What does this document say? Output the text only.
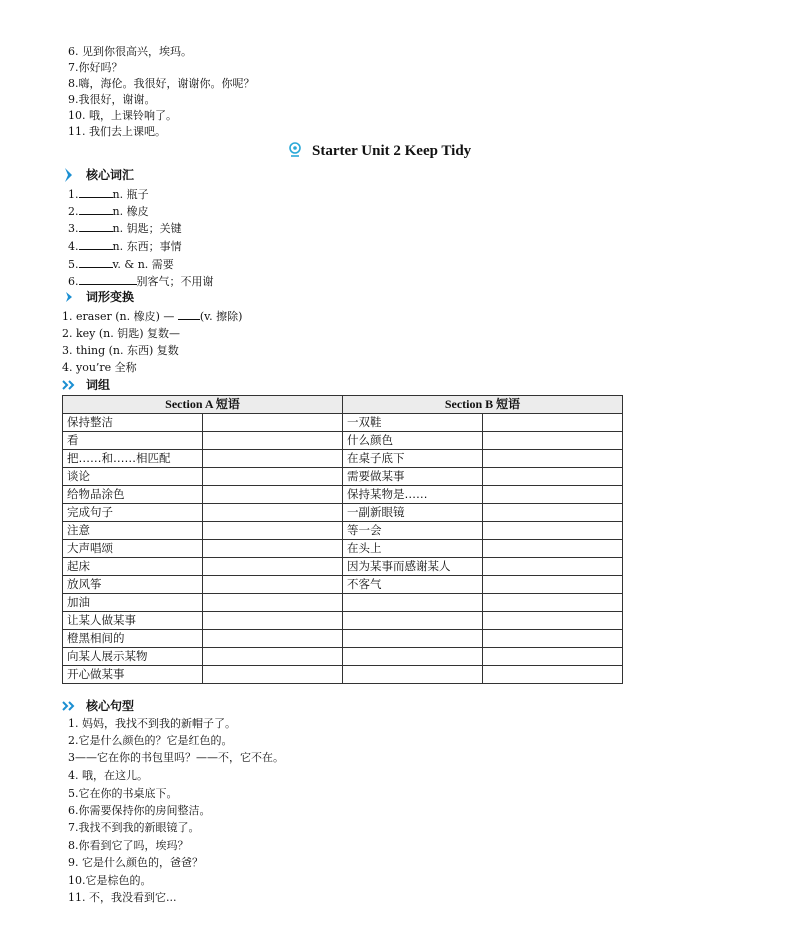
6. 见到你很高兴，埃玛。
7.你好吗？
8.嗨，海伦。我很好，谢谢你。你呢？
9.我很好，谢谢。
10. 哦，上课铃响了。
11. 我们去上课吧。
Starter Unit 2 Keep Tidy
核心词汇
1.	n. 瓶子
2.	n. 橡皮
3.	n. 钥匙；关键
4.	n. 东西；事情
5.	v. & n. 需要
6.	别客气；不用谢
词形变换
1. eraser (n. 橡皮) — (v. 擦除)
2. key (n. 钥匙) 复数—
3. thing (n. 东西) 复数
4. you’re 全称
词组
Section A 短语		Section B 短语	
保持整洁		一双鞋	
看		什么颜色	
把……和……相匹配		在桌子底下	
谈论		需要做某事	
给物品涂色		保持某物是……	
完成句子		一副新眼镜	
注意		等一会	
大声唱颂		在头上	
起床		因为某事而感谢某人	
放风筝		不客气	
加油			
让某人做某事			
橙黑相间的			
向某人展示某物			
开心做某事			
核心句型
1. 妈妈，我找不到我的新帽子了。
2.它是什么颜色的？它是红色的。
3——它在你的书包里吗？——不，它不在。
4. 哦，在这儿。
5.它在你的书桌底下。
6.你需要保持你的房间整洁。
7.我找不到我的新眼镜了。
8.你看到它了吗，埃玛？
9. 它是什么颜色的，爸爸？
10.它是棕色的。
11. 不，我没看到它...
